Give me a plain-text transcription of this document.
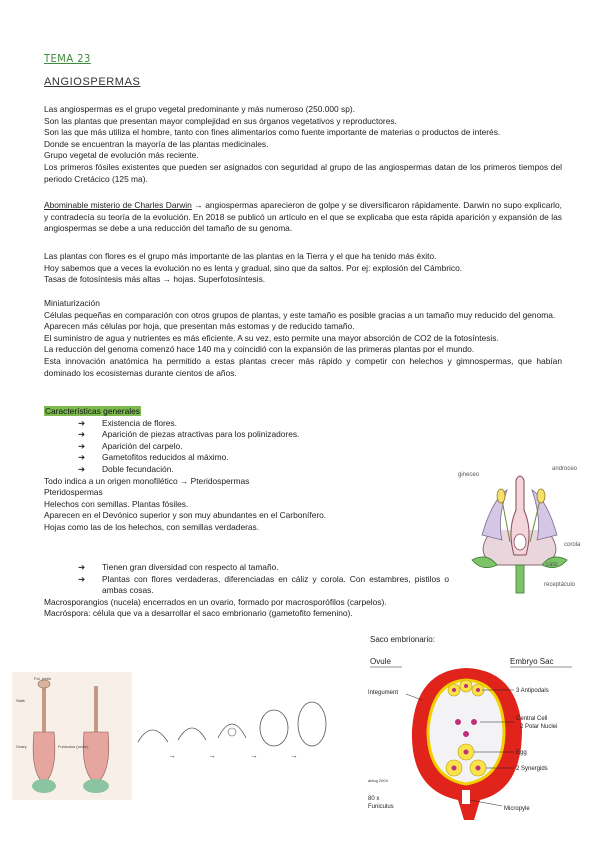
TEMA 23
ANGIOSPERMAS
Las angiospermas es el grupo vegetal predominante y más numeroso (250.000 sp).
Son las plantas que presentan mayor complejidad en sus órganos vegetativos y reproductores.
Son las que más utiliza el hombre, tanto con fines alimentarios como fuente importante de materias o productos de interés.
Donde se encuentran la mayoría de las plantas medicinales.
Grupo vegetal de evolución más reciente.
Los primeros fósiles existentes que pueden ser asignados con seguridad al grupo de las angiospermas datan de los primeros tiempos del periodo Cretácico (125 ma).
Abominable misterio de Charles Darwin → angiospermas aparecieron de golpe y se diversificaron rápidamente. Darwin no supo explicarlo, y contradecía su teoría de la evolución. En 2018 se publicó un artículo en el que se explicaba que esta rápida aparición y expansión de las angiospermas se debe a una reducción del tamaño de su genoma.
Las plantas con flores es el grupo más importante de las plantas en la Tierra y el que ha tenido más éxito.
Hoy sabemos que a veces la evolución no es lenta y gradual, sino que da saltos. Por ej: explosión del Cámbrico.
Tasas de fotosíntesis más altas → hojas. Superfotosíntesis.
Miniaturización
Células pequeñas en comparación con otros grupos de plantas, y este tamaño es posible gracias a un tamaño muy reducido del genoma.
Aparecen más células por hoja, que presentan más estomas y de reducido tamaño.
El suministro de agua y nutrientes es más eficiente. A su vez, esto permite una mayor absorción de CO2 de la fotosíntesis.
La reducción del genoma comenzó hace 140 ma y coincidió con la expansión de las primeras plantas por el mundo.
Esta innovación anatómica ha permitido a estas plantas crecer más rápido y competir con helechos y gimnospermas, que habían dominado los ecosistemas durante cientos de años.
Características generales
➔ Existencia de flores.
➔ Aparición de piezas atractivas para los polinizadores.
➔ Aparición del carpelo.
➔ Gametofitos reducidos al máximo.
➔ Doble fecundación.
Todo indica a un origen monofilético → Pteridospermas
Pteridospermas
Helechos con semillas. Plantas fósiles.
Aparecen en el Devónico superior y son muy abundantes en el Carbonífero.
Hojas como las de los helechos, con semillas verdaderas.
➔ Tienen gran diversidad con respecto al tamaño.
➔ Plantas con flores verdaderas, diferenciadas en cáliz y corola. Con estambres, pistilos o ambas cosas.
Macrosporangios (nucela) encerrados en un ovario, formado por macrosporófilos (carpelos).
Macróspora: célula que va a desarrollar el saco embrionario (gametofito femenino).
gineceo
androceo
corola
cáliz
receptáculo
Fol. pistin
Stalk
Ovary	Funiculus (ovule)
→	→	→	→
Saco embrionario:
Ovule	Embryo Sac
Integument	3 Antipodals
Central Cell
2 Polar Nuclei
Egg
2 Synergids
ablog 2004
80 x
Funiculus	Micropyle
